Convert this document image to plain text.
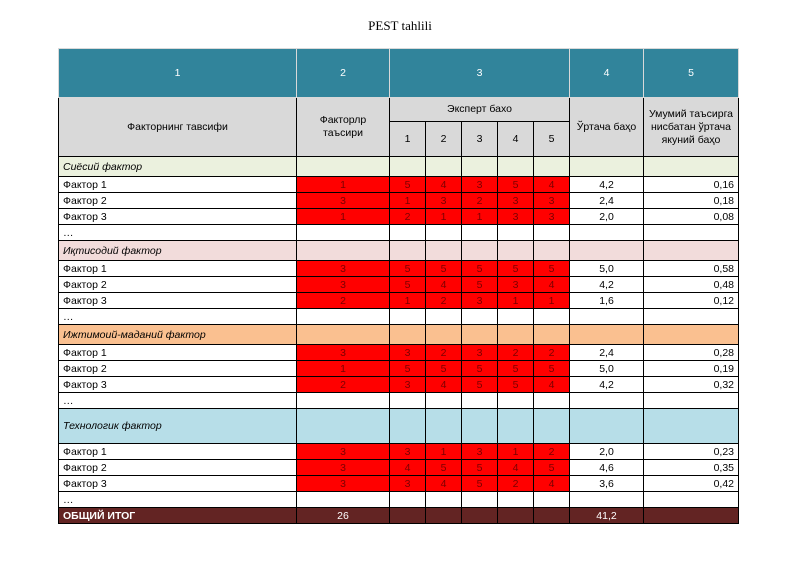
PEST tahlili
1	2	3					4	5
Факторнинг тавсифи	Факторлр таъсири	Эксперт бахо					Ўртача баҳо	Умумий таъсирга нисбатан ўртача якуний баҳо
		1	2	3	4	5		
Сиёсий фактор								
Фактор 1	1	5	4	3	5	4	4,2	0,16
Фактор 2	3	1	3	2	3	3	2,4	0,18
Фактор 3	1	2	1	1	3	3	2,0	0,08
…								
Иқтисодий фактор								
Фактор 1	3	5	5	5	5	5	5,0	0,58
Фактор 2	3	5	4	5	3	4	4,2	0,48
Фактор 3	2	1	2	3	1	1	1,6	0,12
…								
Ижтимоий-маданий фактор								
Фактор 1	3	3	2	3	2	2	2,4	0,28
Фактор 2	1	5	5	5	5	5	5,0	0,19
Фактор 3	2	3	4	5	5	4	4,2	0,32
…								
Технологик фактор								
Фактор 1	3	3	1	3	1	2	2,0	0,23
Фактор 2	3	4	5	5	4	5	4,6	0,35
Фактор 3	3	3	4	5	2	4	3,6	0,42
…								
ОБЩИЙ ИТОГ	26						41,2	
